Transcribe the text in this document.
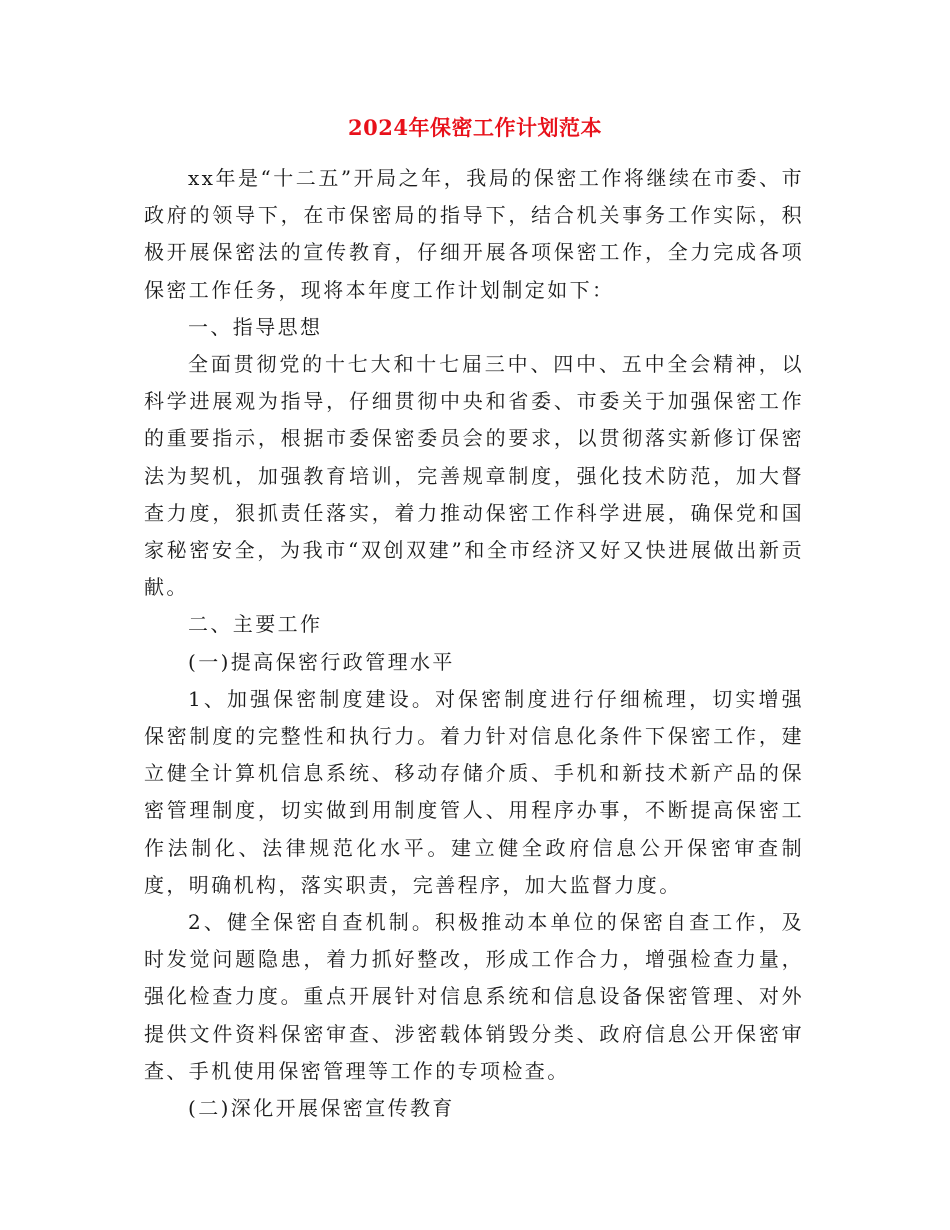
2024年保密工作计划范本

xx年是“十二五”开局之年，我局的保密工作将继续在市委、市政府的领导下，在市保密局的指导下，结合机关事务工作实际，积极开展保密法的宣传教育，仔细开展各项保密工作，全力完成各项保密工作任务，现将本年度工作计划制定如下：

一、指导思想

全面贯彻党的十七大和十七届三中、四中、五中全会精神，以科学进展观为指导，仔细贯彻中央和省委、市委关于加强保密工作的重要指示，根据市委保密委员会的要求，以贯彻落实新修订保密法为契机，加强教育培训，完善规章制度，强化技术防范，加大督查力度，狠抓责任落实，着力推动保密工作科学进展，确保党和国家秘密安全，为我市“双创双建”和全市经济又好又快进展做出新贡献。

二、主要工作

(一)提高保密行政管理水平

1、加强保密制度建设。对保密制度进行仔细梳理，切实增强保密制度的完整性和执行力。着力针对信息化条件下保密工作，建立健全计算机信息系统、移动存储介质、手机和新技术新产品的保密管理制度，切实做到用制度管人、用程序办事，不断提高保密工作法制化、法律规范化水平。建立健全政府信息公开保密审查制度，明确机构，落实职责，完善程序，加大监督力度。

2、健全保密自查机制。积极推动本单位的保密自查工作，及时发觉问题隐患，着力抓好整改，形成工作合力，增强检查力量，强化检查力度。重点开展针对信息系统和信息设备保密管理、对外提供文件资料保密审查、涉密载体销毁分类、政府信息公开保密审查、手机使用保密管理等工作的专项检查。

(二)深化开展保密宣传教育
